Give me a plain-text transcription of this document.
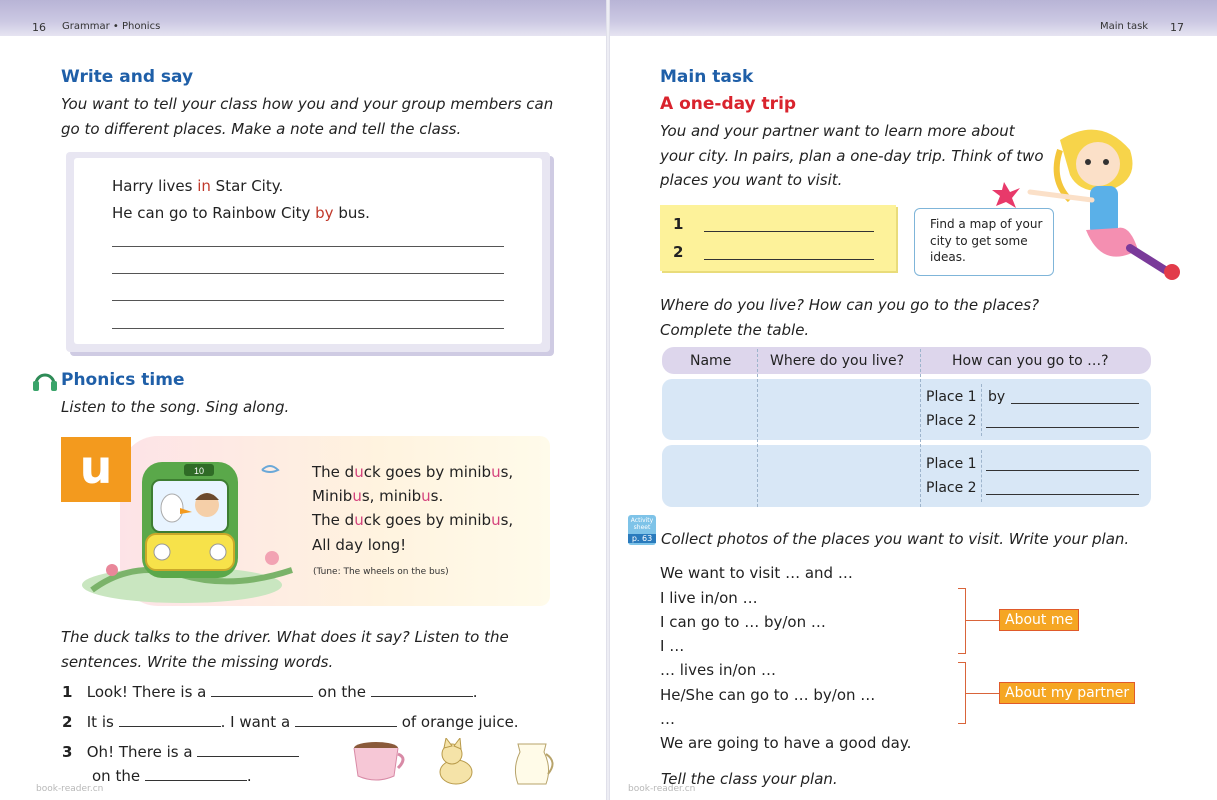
16 Grammar • Phonics
Write and say
You want to tell your class how you and your group members can go to different places. Make a note and tell the class.
Harry lives in Star City.
He can go to Rainbow City by bus.
Phonics time
Listen to the song. Sing along.
u	10	The duck goes by minibus,
Minibus, minibus.
The duck goes by minibus,
All day long!
(Tune: The wheels on the bus)
The duck talks to the driver. What does it say? Listen to the sentences. Write the missing words.
1 Look! There is a	on the	.
2 It is	. I want a	of orange juice.
3 Oh! There is a
on the	.
book-reader.cn
Main task 17
Main task
A one-day trip
You and your partner want to learn more about your city. In pairs, plan a one-day trip. Think of two places you want to visit.
1
2
Find a map of your city to get some ideas.
Where do you live? How can you go to the places? Complete the table.
Name	Where do you live?	How can you go to …?
Place 1 by
Place 2
Place 1
Place 2
Activity sheet
p. 63 Collect photos of the places you want to visit. Write your plan.
We want to visit … and …
I live in/on …
I can go to … by/on …
I …
… lives in/on …
He/She can go to … by/on …
…
We are going to have a good day.
About me
About my partner
Tell the class your plan.
book-reader.cn
